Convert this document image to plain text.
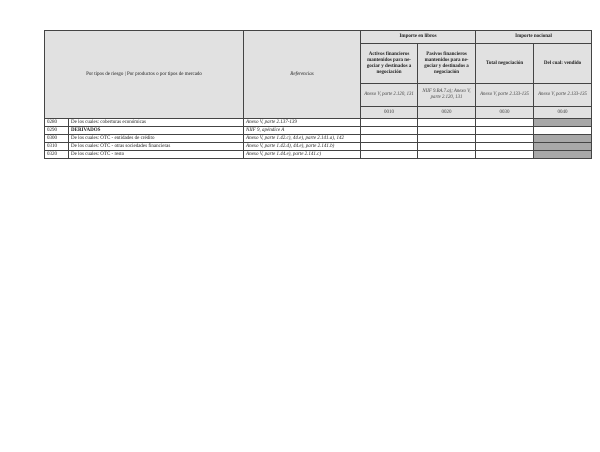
Por tipos de riesgo | Por productos o por tipos de mercado		Referencias	Importe en libros		Importe nocional	
			Activos financieros mantenidos para ne-gociar y destinados a negociación	Pasivos financieros mantenidos para ne-gociar y destinados a negociación	Total negociación	Del cual: vendido
			Anexo V, parte 2.120, 131	NIIF 9.BA.7.a); Anexo V, parte 2.120, 131	Anexo V, parte 2.133-135	Anexo V, parte 2.133-135
			0010	0020	0030	0040
0280	De los cuales: coberturas económicas	Anexo V, parte 2.137-139				
0290	DERIVADOS	NIIF 9, apéndice A				
0300	De los cuales: OTC - entidades de crédito	Anexo V, parte 1.42.c), 44.e), parte 2.141.a), 142				
0310	De los cuales: OTC - otras sociedades financieras	Anexo V, parte 1.42.d), 44.e), parte 2.141.b)				
0320	De los cuales: OTC - resto	Anexo V, parte 1.44.e), parte 2.141.c)				
